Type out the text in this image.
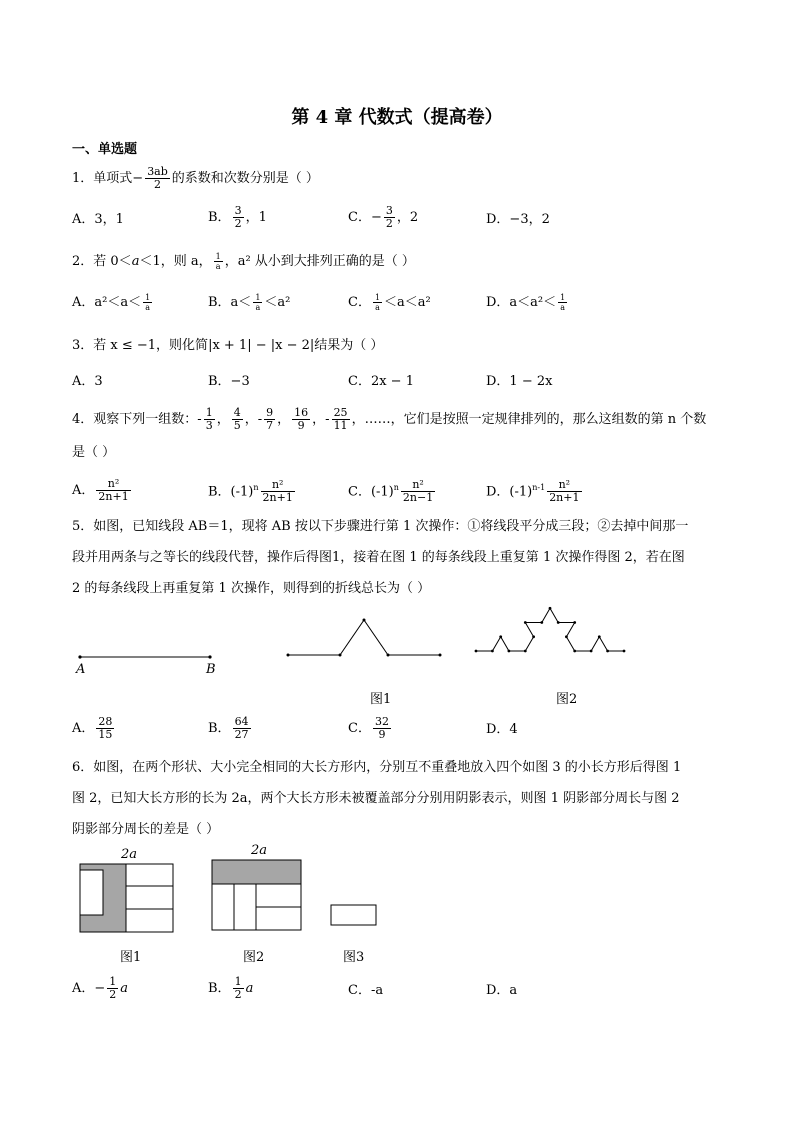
第 4 章 代数式（提高卷）
一、单选题
1．单项式− $\frac{3ab}{2}$ 的系数和次数分别是（ ）
A．3，1	B． $\frac{3}{2}$ ，1	C．− $\frac{3}{2}$ ，2	D．−3，2
2．若 0＜a＜1，则 a， $\frac{1}{a}$ ，a² 从小到大排列正确的是（ ）
A．$a^2<a< \frac{1}{a}$	B．$a< \frac{1}{a} <a^2$	C． $\frac{1}{a} <a<a^2$	D．$a<a^2< \frac{1}{a}$
3．若 x ≤ −1，则化简|x + 1| − |x − 2|结果为（ ）
A．3	B．−3	C．2x − 1	D．1 − 2x
4．观察下列一组数：- $\frac{1}{3}$ ， $\frac{4}{5}$ ，- $\frac{9}{7}$ ， $\frac{16}{9}$ ，- $\frac{25}{11}$ ，……，它们是按照一定规律排列的，那么这组数的第 n 个数
是（ ）
A． $\frac{\text{n²}}{2n+1}$	B．$(-1)^n \frac{\text{n²}}{2n+1}$	C．$(-1)^n \frac{\text{n²}}{2n-1}$	D．$(-1)^{n-1} \frac{\text{n²}}{2n+1}$
5．如图，已知线段 AB＝1，现将 AB 按以下步骤进行第 1 次操作：①将线段平分成三段；②去掉中间那一
段并用两条与之等长的线段代替，操作后得图1，接着在图 1 的每条线段上重复第 1 次操作得图 2，若在图
2 的每条线段上再重复第 1 次操作，则得到的折线总长为（ ）
A	B
图1	图2
A． $\frac{28}{15}$	B． $\frac{64}{27}$	C． $\frac{32}{9}$	D．4
6．如图，在两个形状、大小完全相同的大长方形内，分别互不重叠地放入四个如图 3 的小长方形后得图 1
图 2，已知大长方形的长为 2a，两个大长方形未被覆盖部分分别用阴影表示，则图 1 阴影部分周长与图 2
阴影部分周长的差是（ ）
2a	2a
图1	图2	图3
A．− $\frac{1}{2}$ a	B． $\frac{1}{2}$ a	C．-a	D．a
